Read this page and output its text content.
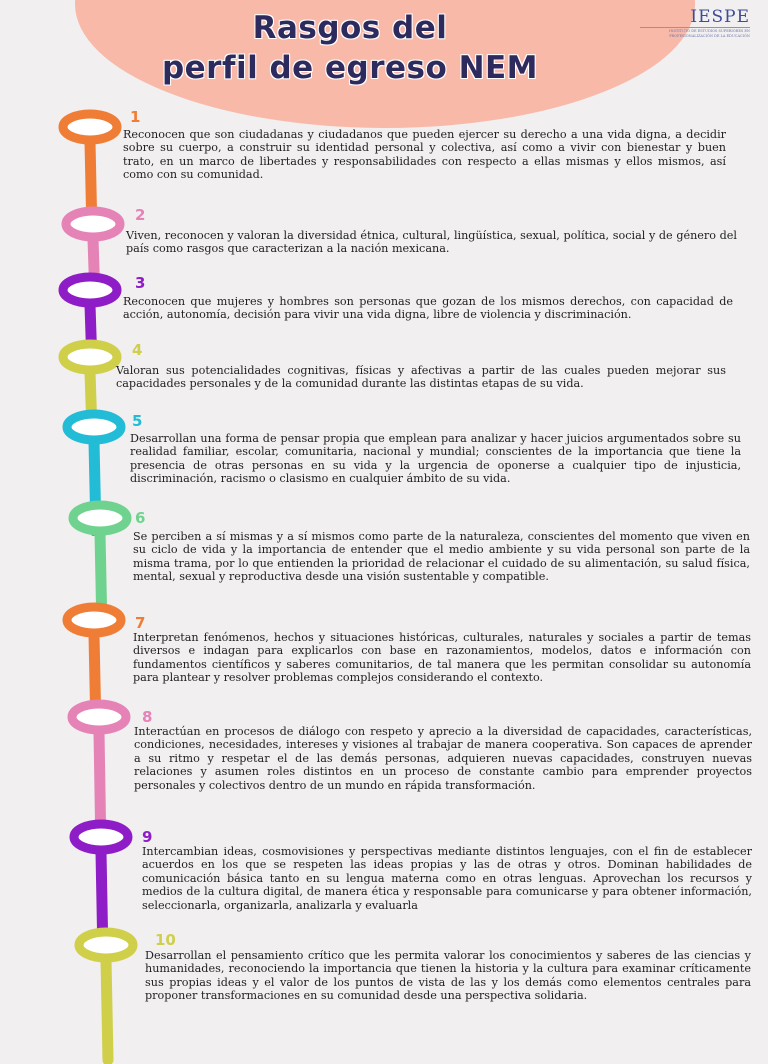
Rasgos del
perfil de egreso NEM
IESPE
INSTITUTO DE ESTUDIOS SUPERIORES EN PROFESIONALIZACIÓN DE LA EDUCACIÓN
1
Reconocen que son ciudadanas y ciudadanos que pueden ejercer su derecho a una vida digna, a decidir sobre su cuerpo, a construir su identidad personal y colectiva, así como a vivir con bienestar y buen trato, en un marco de libertades y responsabilidades con respecto a ellas mismas y ellos mismos, así como con su comunidad.
2
Viven, reconocen y valoran la diversidad étnica, cultural, lingüística, sexual, política, social y de género del país como rasgos que caracterizan a la nación mexicana.
3
Reconocen que mujeres y hombres son personas que gozan de los mismos derechos, con capacidad de acción, autonomía, decisión para vivir una vida digna, libre de violencia y discriminación.
4
Valoran sus potencialidades cognitivas, físicas y afectivas a partir de las cuales pueden mejorar sus capacidades personales y de la comunidad durante las distintas etapas de su vida.
5
Desarrollan una forma de pensar propia que emplean para analizar y hacer juicios argumentados sobre su realidad familiar, escolar, comunitaria, nacional y mundial; conscientes de la importancia que tiene la presencia de otras personas en su vida y la urgencia de oponerse a cualquier tipo de injusticia, discriminación, racismo o clasismo en cualquier ámbito de su vida.
6
Se perciben a sí mismas y a sí mismos como parte de la naturaleza, conscientes del momento que viven en su ciclo de vida y la importancia de entender que el medio ambiente y su vida personal son parte de la misma trama, por lo que entienden la prioridad de relacionar el cuidado de su alimentación, su salud física, mental, sexual y reproductiva desde una visión sustentable y compatible.
7
Interpretan fenómenos, hechos y situaciones históricas, culturales, naturales y sociales a partir de temas diversos e indagan para explicarlos con base en razonamientos, modelos, datos e información con fundamentos científicos y saberes comunitarios, de tal manera que les permitan consolidar su autonomía para plantear y resolver problemas complejos considerando el contexto.
8
Interactúan en procesos de diálogo con respeto y aprecio a la diversidad de capacidades, características, condiciones, necesidades, intereses y visiones al trabajar de manera cooperativa. Son capaces de aprender a su ritmo y respetar el de las demás personas, adquieren nuevas capacidades, construyen nuevas relaciones y asumen roles distintos en un proceso de constante cambio para emprender proyectos personales y colectivos dentro de un mundo en rápida transformación.
9
Intercambian ideas, cosmovisiones y perspectivas mediante distintos lenguajes, con el fin de establecer acuerdos en los que se respeten las ideas propias y las de otras y otros. Dominan habilidades de comunicación básica tanto en su lengua materna como en otras lenguas. Aprovechan los recursos y medios de la cultura digital, de manera ética y responsable para comunicarse y para obtener información, seleccionarla, organizarla, analizarla y evaluarla
10
Desarrollan el pensamiento crítico que les permita valorar los conocimientos y saberes de las ciencias y humanidades, reconociendo la importancia que tienen la historia y la cultura para examinar críticamente sus propias ideas y el valor de los puntos de vista de las y los demás como elementos centrales para proponer transformaciones en su comunidad desde una perspectiva solidaria.
